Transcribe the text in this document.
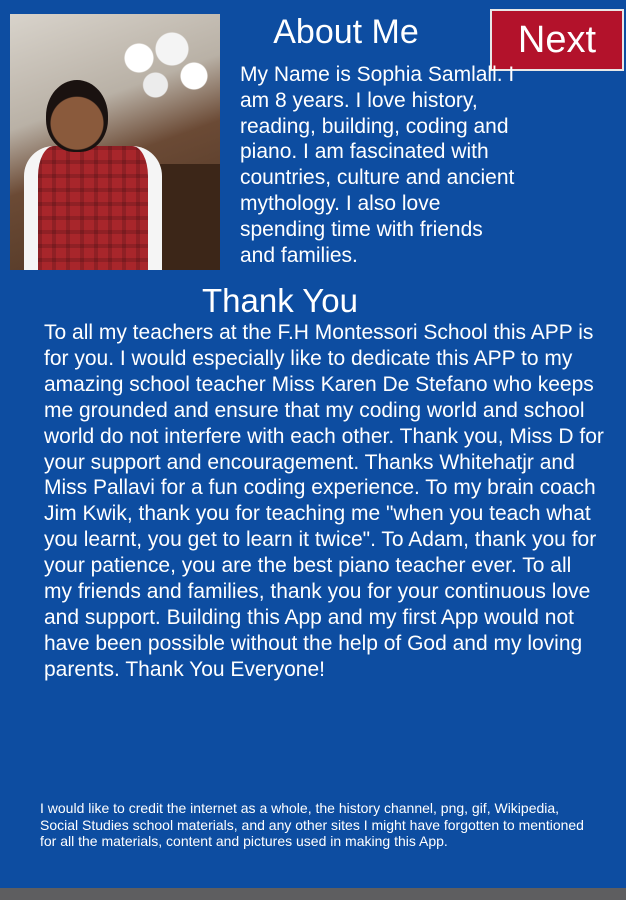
About Me	Next

My Name is Sophia Samlall. I am 8 years. I love history, reading, building, coding and piano. I am fascinated with countries, culture and ancient mythology. I also love spending time with friends and families.

Thank You

To all my teachers at the F.H Montessori School this APP is for you. I would especially like to dedicate this APP to my amazing school teacher Miss Karen De Stefano who keeps me grounded and ensure that my coding world and school world do not interfere with each other. Thank you, Miss D for your support and encouragement. Thanks Whitehatjr and Miss Pallavi for a fun coding experience. To my brain coach Jim Kwik, thank you for teaching me "when you teach what you learnt, you get to learn it twice". To Adam, thank you for your patience, you are the best piano teacher ever. To all my friends and families, thank you for your continuous love and support. Building this App and my first App would not have been possible without the help of God and my loving parents. Thank You Everyone!

I would like to credit the internet as a whole, the history channel, png, gif, Wikipedia, Social Studies school materials, and any other sites I might have forgotten to mentioned for all the materials, content and pictures used in making this App.
